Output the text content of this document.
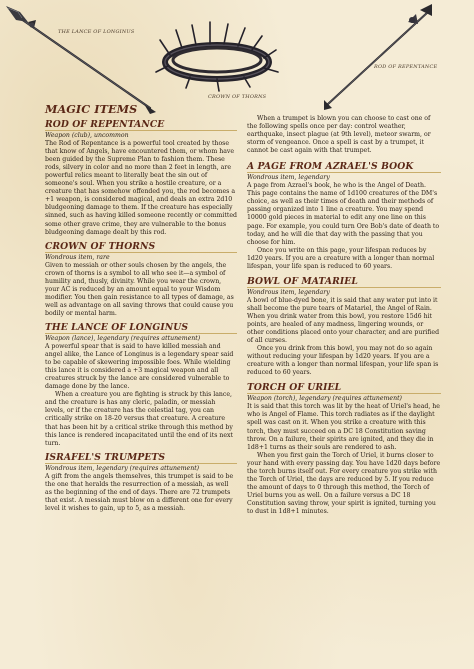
THE LANCE OF LONGINUS
CROWN OF THORNS
ROD OF REPENTANCE
MAGIC ITEMS
ROD OF REPENTANCE

Weapon (club), uncommon

The Rod of Repentance is a powerful tool created by those that know of Angels, have encountered them, or whom have been guided by the Supreme Plan to fashion them. These rods, silvery in color and no more than 2 feet in length, are powerful relics meant to literally beat the sin out of someone's soul. When you strike a hostile creature, or a creature that has somehow offended you, the rod becomes a +1 weapon, is considered magical, and deals an extra 2d10 bludgeoning damage to them. If the creature has especially sinned, such as having killed someone recently or committed some other grave crime, they are vulnerable to the bonus bludgeoning damage dealt by this rod.

CROWN OF THORNS

Wondrous item, rare

Given to messiah or other souls chosen by the angels, the crown of thorns is a symbol to all who see it—a symbol of humility and, thusly, divinity. While you wear the crown, your AC is reduced by an amount equal to your Wisdom modifier. You then gain resistance to all types of damage, as well as advantage on all saving throws that could cause you bodily or mental harm.

THE LANCE OF LONGINUS

Weapon (lance), legendary (requires attunement)

A powerful spear that is said to have killed messiah and angel alike, the Lance of Longinus is a legendary spear said to be capable of skewering impossible foes. While wielding this lance it is considered a +3 magical weapon and all creatures struck by the lance are considered vulnerable to damage done by the lance.

When a creature you are fighting is struck by this lance, and the creature is has any cleric, paladin, or messiah levels, or if the creature has the celestial tag, you can critically strike on 18-20 versus that creature. A creature that has been hit by a critical strike through this method by this lance is rendered incapacitated until the end of its next turn.

ISRAFEL'S TRUMPETS

Wondrous item, legendary (requires attunement)

A gift from the angels themselves, this trumpet is said to be the one that heralds the resurrection of a messiah, as well as the beginning of the end of days. There are 72 trumpets that exist. A messiah must blow on a different one for every level it wishes to gain, up to 5, as a messiah.

When a trumpet is blown you can choose to cast one of the following spells once per day: control weather, earthquake, insect plague (at 9th level), meteor swarm, or storm of vengeance. Once a spell is cast by a trumpet, it cannot be cast again with that trumpet.

A PAGE FROM AZRAEL'S BOOK

Wondrous item, legendary

A page from Azrael's book, he who is the Angel of Death. This page contains the name of 1d100 creatures of the DM's choice, as well as their times of death and their methods of passing organized into 1 line a creature. You may spend 10000 gold pieces in material to edit any one line on this page. For example, you could turn Ore Bob's date of death to today, and he will die that day with the passing that you choose for him.

Once you write on this page, your lifespan reduces by 1d20 years. If you are a creature with a longer than normal lifespan, your life span is reduced to 60 years.

BOWL OF MATARIEL

Wondrous item, legendary

A bowl of blue-dyed bone, it is said that any water put into it shall become the pure tears of Matariel, the Angel of Rain. When you drink water from this bowl, you restore 15d6 hit points, are healed of any madness, lingering wounds, or other conditions placed onto your character, and are purified of all curses.

Once you drink from this bowl, you may not do so again without reducing your lifespan by 1d20 years. If you are a creature with a longer than normal lifespan, your life span is reduced to 60 years.

TORCH OF URIEL

Weapon (torch), legendary (requires attunement)

It is said that this torch was lit by the heat of Uriel's head, he who is Angel of Flame. This torch radiates as if the daylight spell was cast on it. When you strike a creature with this torch, they must succeed on a DC 18 Constitution saving throw. On a failure, their spirits are ignited, and they die in 1d8+1 turns as their souls are rendered to ash.

When you first gain the Torch of Uriel, it burns closer to your hand with every passing day. You have 1d20 days before the torch burns itself out. For every creature you strike with the Torch of Uriel, the days are reduced by 5. If you reduce the amount of days to 0 through this method, the Torch of Uriel burns you as well. On a failure versus a DC 18 Constitution saving throw, your spirit is ignited, turning you to dust in 1d8+1 minutes.
